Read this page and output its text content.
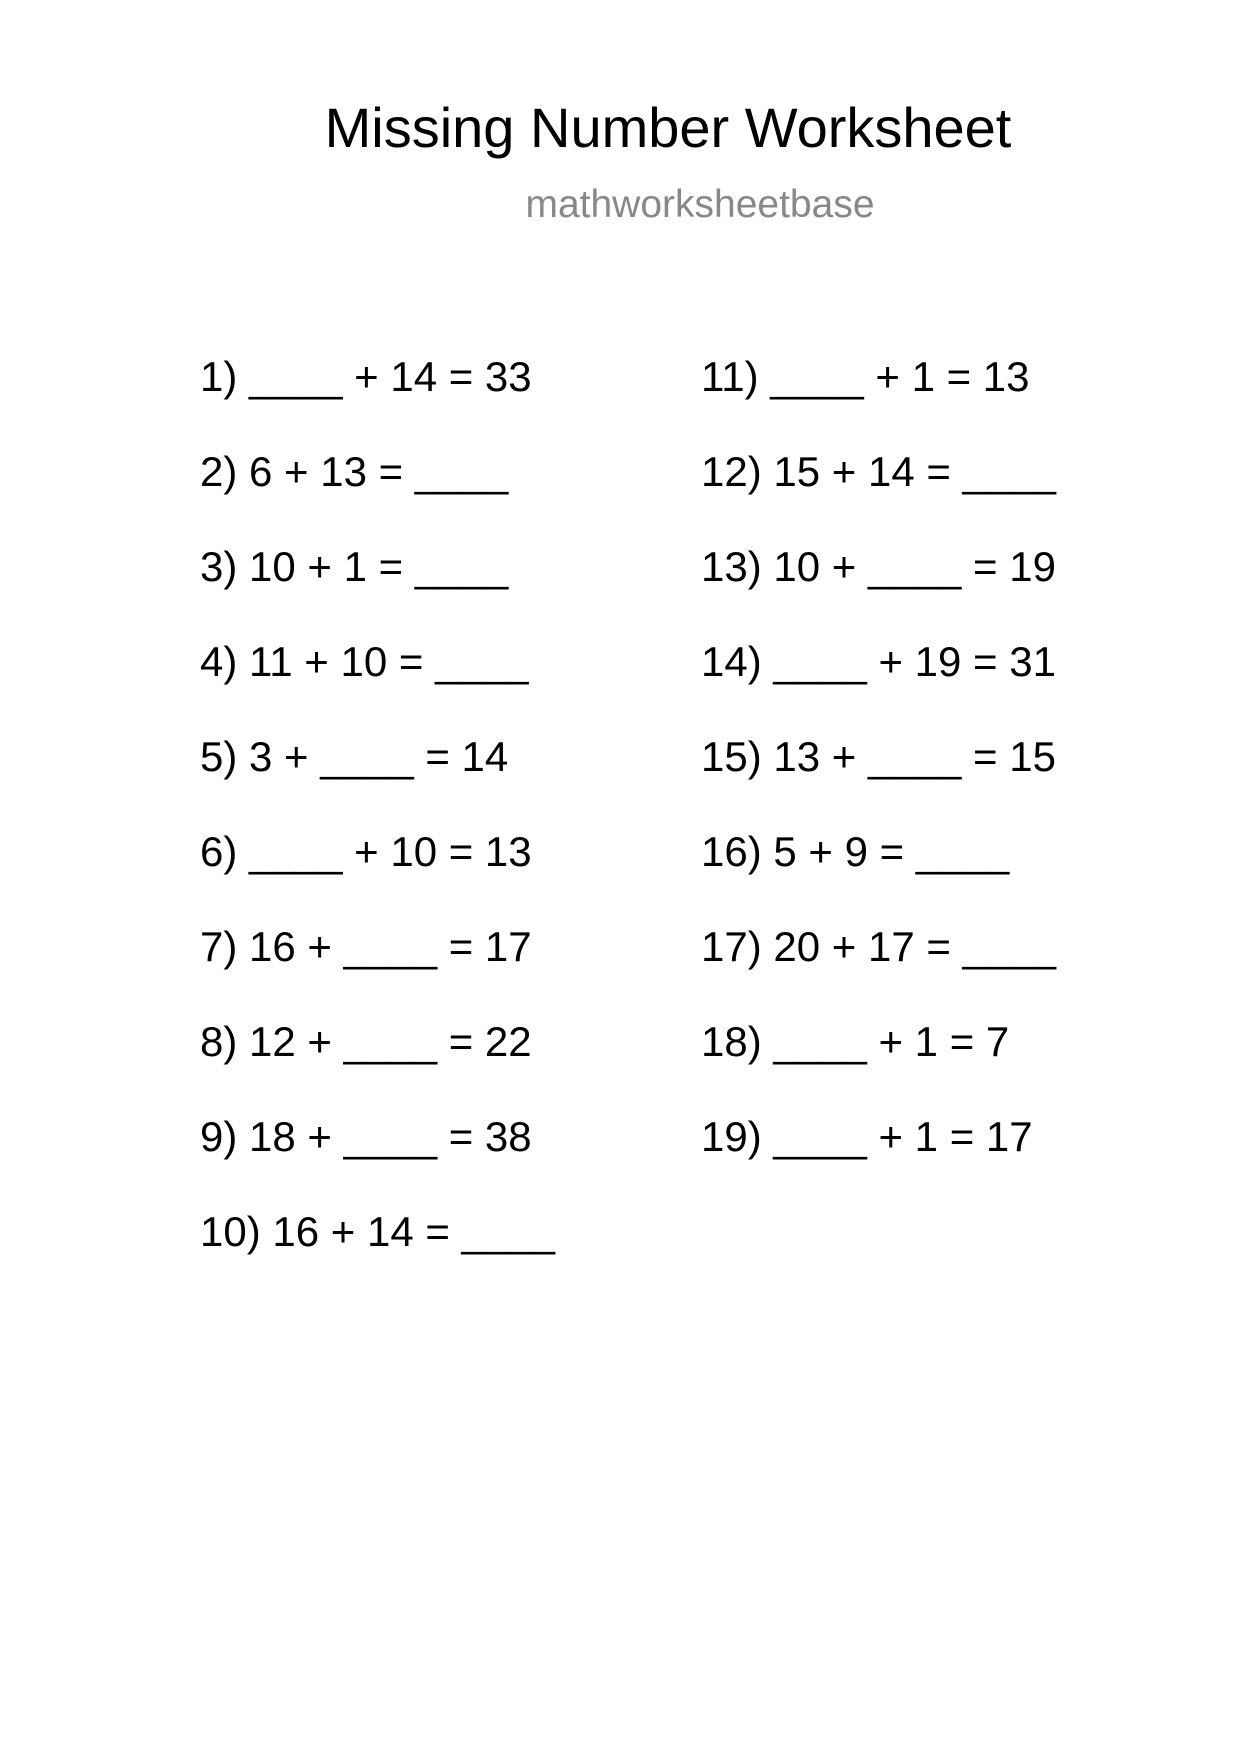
Missing Number Worksheet
mathworksheetbase
1) ____ + 14 = 33
2) 6 + 13 = ____
3) 10 + 1 = ____
4) 11 + 10 = ____
5) 3 + ____ = 14
6) ____ + 10 = 13
7) 16 + ____ = 17
8) 12 + ____ = 22
9) 18 + ____ = 38
10) 16 + 14 = ____
11) ____ + 1 = 13
12) 15 + 14 = ____
13) 10 + ____ = 19
14) ____ + 19 = 31
15) 13 + ____ = 15
16) 5 + 9 = ____
17) 20 + 17 = ____
18) ____ + 1 = 7
19) ____ + 1 = 17
